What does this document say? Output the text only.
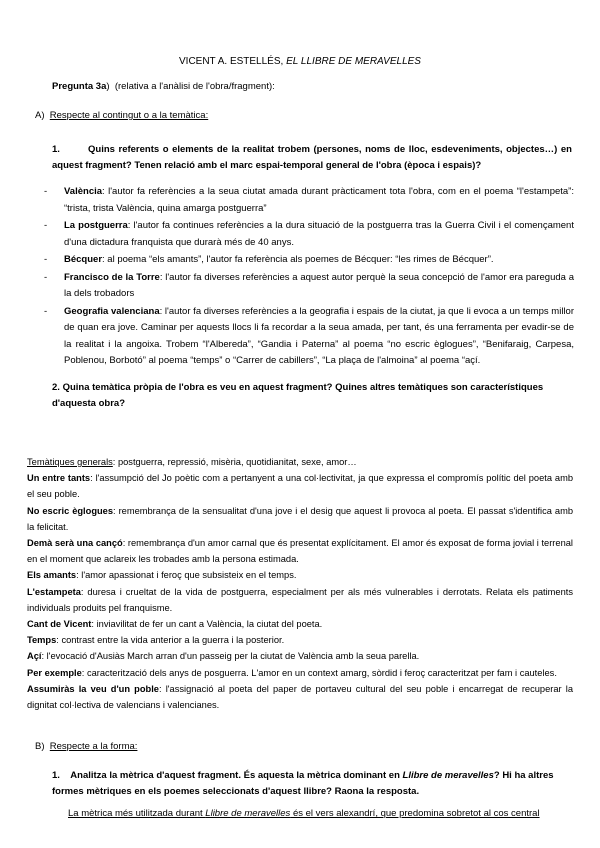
VICENT A. ESTELLÉS, EL LLIBRE DE MERAVELLES
Pregunta 3a) (relativa a l'anàlisi de l'obra/fragment):
A) Respecte al contingut o a la temàtica:
1.	Quins referents o elements de la realitat trobem (persones, noms de lloc, esdeveniments, objectes…) en aquest fragment? Tenen relació amb el marc espai-temporal general de l'obra (època i espais)?
- València: l'autor fa referències a la seua ciutat amada durant pràcticament tota l'obra, com en el poema “l'estampeta”: “trista, trista València, quina amarga postguerra”
- La postguerra: l'autor fa continues referències a la dura situació de la postguerra tras la Guerra Civil i el començament d'una dictadura franquista que durarà més de 40 anys.
- Bécquer: al poema “els amants”, l'autor fa referència als poemes de Bécquer: “les rimes de Bécquer”.
- Francisco de la Torre: l'autor fa diverses referències a aquest autor perquè la seua concepció de l'amor era pareguda a la dels trobadors
- Geografia valenciana: l'autor fa diverses referències a la geografia i espais de la ciutat, ja que li evoca a un temps millor de quan era jove. Caminar per aquests llocs li fa recordar a la seua amada, per tant, és una ferramenta per evadir-se de la realitat i la angoixa. Trobem “l'Albereda”, “Gandia i Paterna” al poema “no escric èglogues”, “Benifaraig, Carpesa, Poblenou, Borbotó” al poema “temps” o “Carrer de cabillers”, “La plaça de l'almoina” al poema “açí.
2. Quina temàtica pròpia de l'obra es veu en aquest fragment? Quines altres temàtiques son característiques d'aquesta obra?

Temàtiques generals: postguerra, repressió, misèria, quotidianitat, sexe, amor…

Un entre tants: l'assumpció del Jo poètic com a pertanyent a una col·lectivitat, ja que expressa el compromís polític del poeta amb el seu poble.

No escric èglogues: remembrança de la sensualitat d'una jove i el desig que aquest li provoca al poeta. El passat s'identifica amb la felicitat.

Demà serà una cançó: remembrança d'un amor carnal que és presentat explícitament. El amor és exposat de forma jovial i terrenal en el moment que aclareix les trobades amb la persona estimada.

Els amants: l'amor apassionat i feroç que subsisteix en el temps.

L'estampeta: duresa i crueltat de la vida de postguerra, especialment per als més vulnerables i derrotats. Relata els patiments individuals produits pel franquisme.

Cant de Vicent: inviavilitat de fer un cant a València, la ciutat del poeta.

Temps: contrast entre la vida anterior a la guerra i la posterior.

Açí: l'evocació d'Ausiàs March arran d'un passeig per la ciutat de València amb la seua parella.

Per exemple: caracterització dels anys de posguerra. L'amor en un context amarg, sòrdid i feroç caracteritzat per fam i cauteles.

Assumiràs la veu d'un poble: l'assignació al poeta del paper de portaveu cultural del seu poble i encarregat de recuperar la dignitat col·lectiva de valencians i valencianes.

B) Respecte a la forma:
1. Analitza la mètrica d'aquest fragment. És aquesta la mètrica dominant en Llibre de meravelles? Hi ha altres formes mètriques en els poemes seleccionats d'aquest llibre? Raona la resposta.
La mètrica més utilitzada durant Llibre de meravelles és el vers alexandrí, que predomina sobretot al cos central
